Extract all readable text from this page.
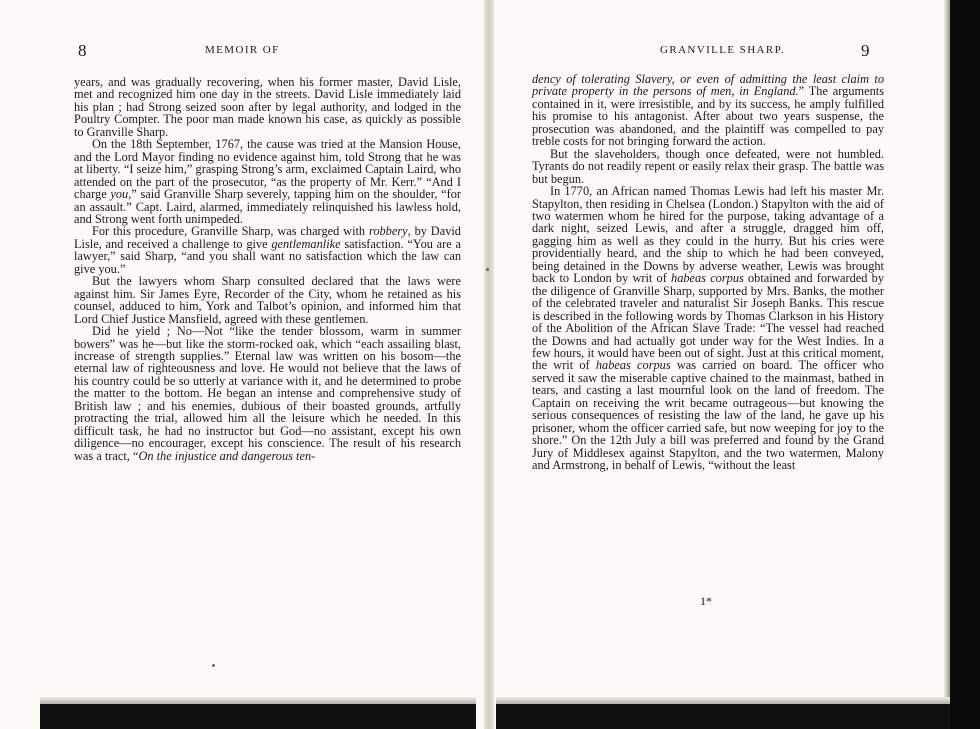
8	MEMOIR OF	GRANVILLE SHARP.	9

years, and was gradually recovering, when his former master, David Lisle, met and recognized him one day in the streets. David Lisle immediately laid his plan ; had Strong seized soon after by legal authority, and lodged in the Poultry Compter. The poor man made known his case, as quickly as possible to Granville Sharp.

On the 18th September, 1767, the cause was tried at the Mansion House, and the Lord Mayor finding no evidence against him, told Strong that he was at liberty. “I seize him,” grasping Strong’s arm, exclaimed Captain Laird, who attended on the part of the prosecutor, “as the property of Mr. Kerr.” “And I charge you,” said Granville Sharp severely, tapping him on the shoulder, “for an assault.” Capt. Laird, alarmed, immediately relinquished his lawless hold, and Strong went forth unimpeded.

For this procedure, Granville Sharp, was charged with robbery, by David Lisle, and received a challenge to give gentlemanlike satisfaction. “You are a lawyer,” said Sharp, “and you shall want no satisfaction which the law can give you.”

But the lawyers whom Sharp consulted declared that the laws were against him. Sir James Eyre, Recorder of the City, whom he retained as his counsel, adduced to him, York and Talbot’s opinion, and informed him that Lord Chief Justice Mansfield, agreed with these gentlemen.

Did he yield ; No—Not “like the tender blossom, warm in summer bowers” was he—but like the storm-rocked oak, which “each assailing blast, increase of strength supplies.” Eternal law was written on his bosom—the eternal law of righteousness and love. He would not believe that the laws of his country could be so utterly at variance with it, and he determined to probe the matter to the bottom. He began an intense and comprehensive study of British law ; and his enemies, dubious of their boasted grounds, artfully protracting the trial, allowed him all the leisure which he needed. In this difficult task, he had no instructor but God—no assistant, except his own diligence—no encourager, except his conscience. The result of his research was a tract, “On the injustice and dangerous ten-

dency of tolerating Slavery, or even of admitting the least claim to private property in the persons of men, in England.” The arguments contained in it, were irresistible, and by its success, he amply fulfilled his promise to his antagonist. After about two years suspense, the prosecution was abandoned, and the plaintiff was compelled to pay treble costs for not bringing forward the action.

But the slaveholders, though once defeated, were not humbled. Tyrants do not readily repent or easily relax their grasp. The battle was but begun.

In 1770, an African named Thomas Lewis had left his master Mr. Stapylton, then residing in Chelsea (London.) Stapylton with the aid of two watermen whom he hired for the purpose, taking advantage of a dark night, seized Lewis, and after a struggle, dragged him off, gagging him as well as they could in the hurry. But his cries were providentially heard, and the ship to which he had been conveyed, being detained in the Downs by adverse weather, Lewis was brought back to London by writ of habeas corpus obtained and forwarded by the diligence of Granville Sharp, supported by Mrs. Banks, the mother of the celebrated traveler and naturalist Sir Joseph Banks. This rescue is described in the following words by Thomas Clarkson in his History of the Abolition of the African Slave Trade: “The vessel had reached the Downs and had actually got under way for the West Indies. In a few hours, it would have been out of sight. Just at this critical moment, the writ of habeas corpus was carried on board. The officer who served it saw the miserable captive chained to the mainmast, bathed in tears, and casting a last mournful look on the land of freedom. The Captain on receiving the writ became outrageous—but knowing the serious consequences of resisting the law of the land, he gave up his prisoner, whom the officer carried safe, but now weeping for joy to the shore.” On the 12th July a bill was preferred and found by the Grand Jury of Middlesex against Stapylton, and the two watermen, Malony and Armstrong, in behalf of Lewis, “without the least

1*
